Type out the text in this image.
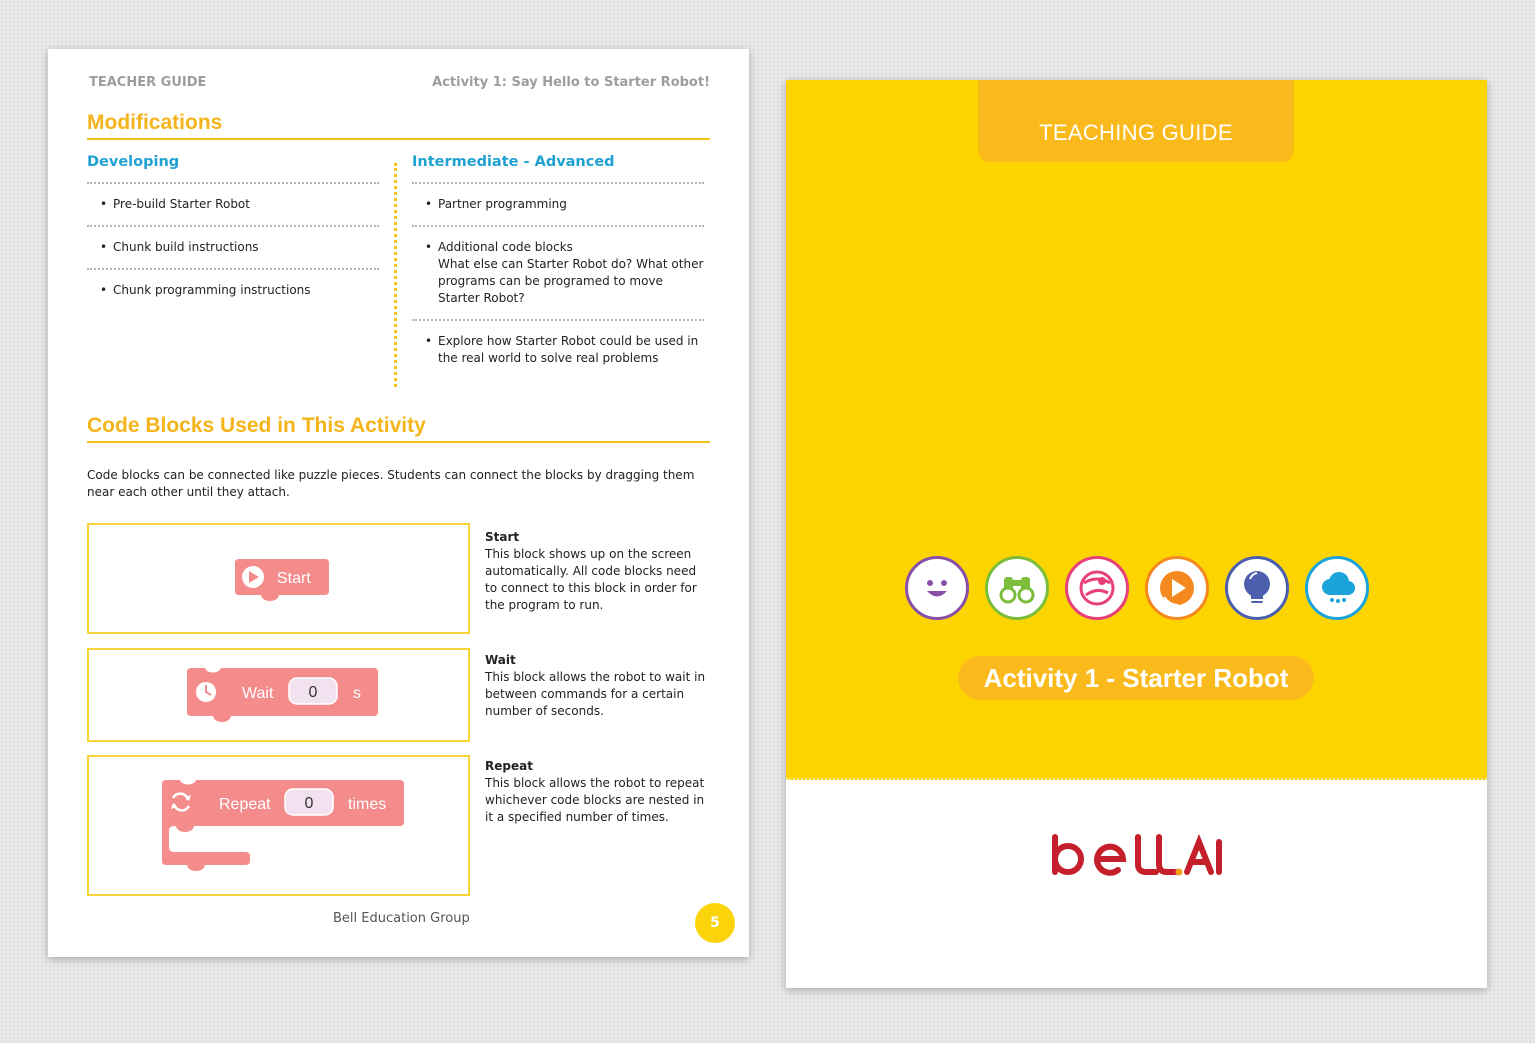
TEACHER GUIDE	Activity 1: Say Hello to Starter Robot!
Modifications
Developing
• Pre-build Starter Robot
• Chunk build instructions
• Chunk programming instructions
Intermediate - Advanced
• Partner programming
• Additional code blocks
What else can Starter Robot do? What other programs can be programed to move Starter Robot?
• Explore how Starter Robot could be used in the real world to solve real problems
Code Blocks Used in This Activity
Code blocks can be connected like puzzle pieces. Students can connect the blocks by dragging them near each other until they attach.
Start
Start
This block shows up on the screen automatically. All code blocks need to connect to this block in order for the program to run.
Wait 0 s
Wait
This block allows the robot to wait in between commands for a certain number of seconds.
Repeat 0 times
Repeat
This block allows the robot to repeat whichever code blocks are nested in it a specified number of times.
Bell Education Group	5
TEACHING GUIDE
Activity 1 - Starter Robot
